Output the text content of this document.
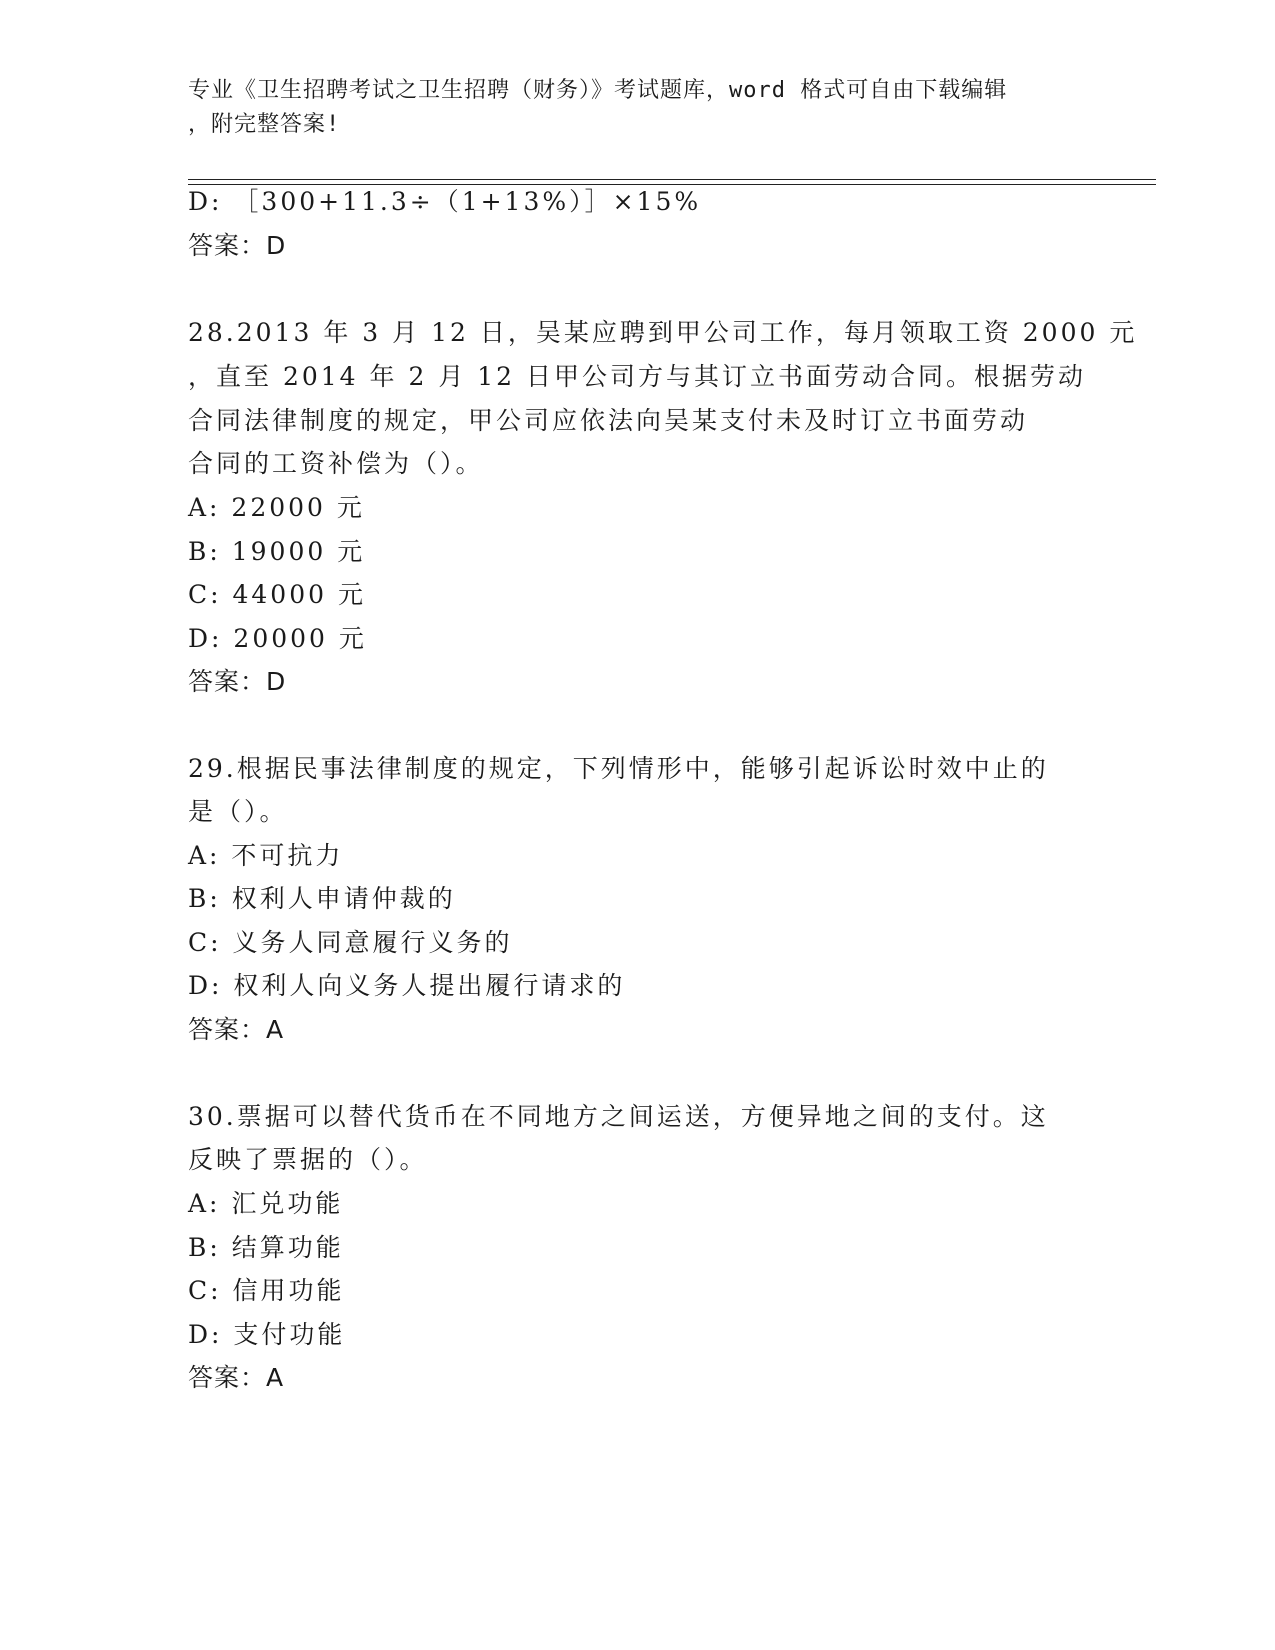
专业《卫生招聘考试之卫生招聘（财务）》考试题库，word 格式可自由下载编辑
，附完整答案!
D: ［300+11.3÷（1+13%）］×15%
答案：D
28.2013 年 3 月 12 日，吴某应聘到甲公司工作，每月领取工资 2000 元
，直至 2014 年 2 月 12 日甲公司方与其订立书面劳动合同。根据劳动
合同法律制度的规定，甲公司应依法向吴某支付未及时订立书面劳动
合同的工资补偿为（）。
A: 22000 元
B: 19000 元
C: 44000 元
D: 20000 元
答案：D
29.根据民事法律制度的规定，下列情形中，能够引起诉讼时效中止的
是（）。
A: 不可抗力
B: 权利人申请仲裁的
C: 义务人同意履行义务的
D: 权利人向义务人提出履行请求的
答案：A
30.票据可以替代货币在不同地方之间运送，方便异地之间的支付。这
反映了票据的（）。
A: 汇兑功能
B: 结算功能
C: 信用功能
D: 支付功能
答案：A
